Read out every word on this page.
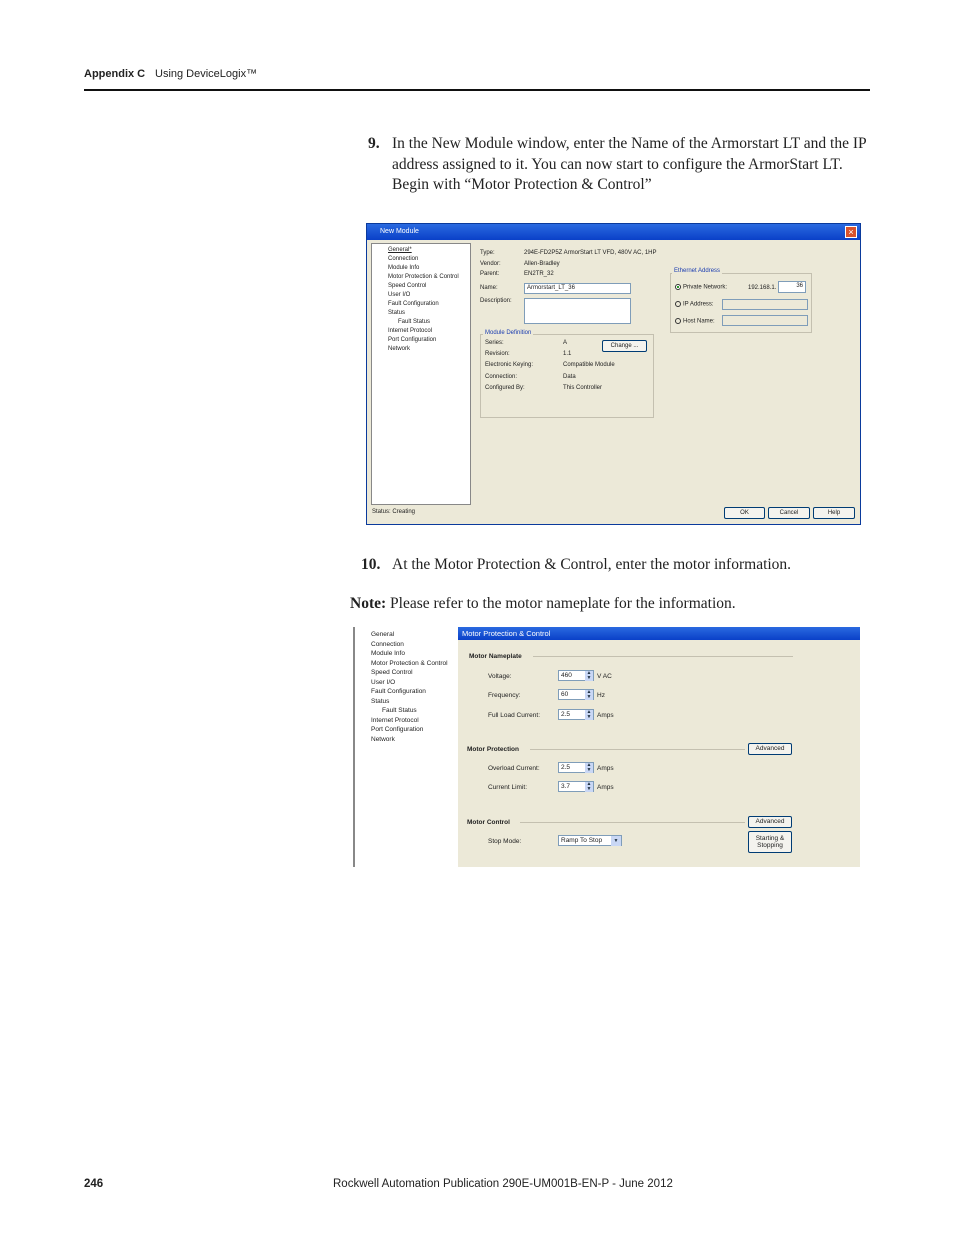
Appendix C Using DeviceLogix™
9. In the New Module window, enter the Name of the Armorstart LT and the IP address assigned to it. You can now start to configure the ArmorStart LT. Begin with “Motor Protection & Control”
New Module	×
General*
Connection
Module Info
Motor Protection & Control
Speed Control
User I/O
Fault Configuration
Status
Fault Status
Internet Protocol
Port Configuration
Network
Type:	294E-FD2P5Z ArmorStart LT VFD, 480V AC, 1HP
Vendor:	Allen-Bradley
Parent:	EN2TR_32
Name:	Armorstart_LT_36
Description:
Ethernet Address
Private Network:	192.168.1.	36
IP Address:
Host Name:
Module Definition
Series:	A	Change ...
Revision:	1.1
Electronic Keying:	Compatible Module
Connection:	Data
Configured By:	This Controller
Status: Creating	OK	Cancel	Help
10. At the Motor Protection & Control, enter the motor information.
Note: Please refer to the motor nameplate for the information.
General
Connection
Module Info
Motor Protection & Control
Speed Control
User I/O
Fault Configuration
Status
Fault Status
Internet Protocol
Port Configuration
Network
Motor Protection & Control
Motor Nameplate
Voltage:	460	▲
▼ V AC
Frequency:	60	▲
▼ Hz
Full Load Current:	2.5	▲
▼ Amps
Motor Protection	Advanced
Overload Current:	2.5	▲
▼ Amps
Current Limit:	3.7	▲
▼ Amps
Motor Control	Advanced
Starting &
Stopping
Stop Mode:	Ramp To Stop	▼
246	Rockwell Automation Publication 290E-UM001B-EN-P - June 2012
